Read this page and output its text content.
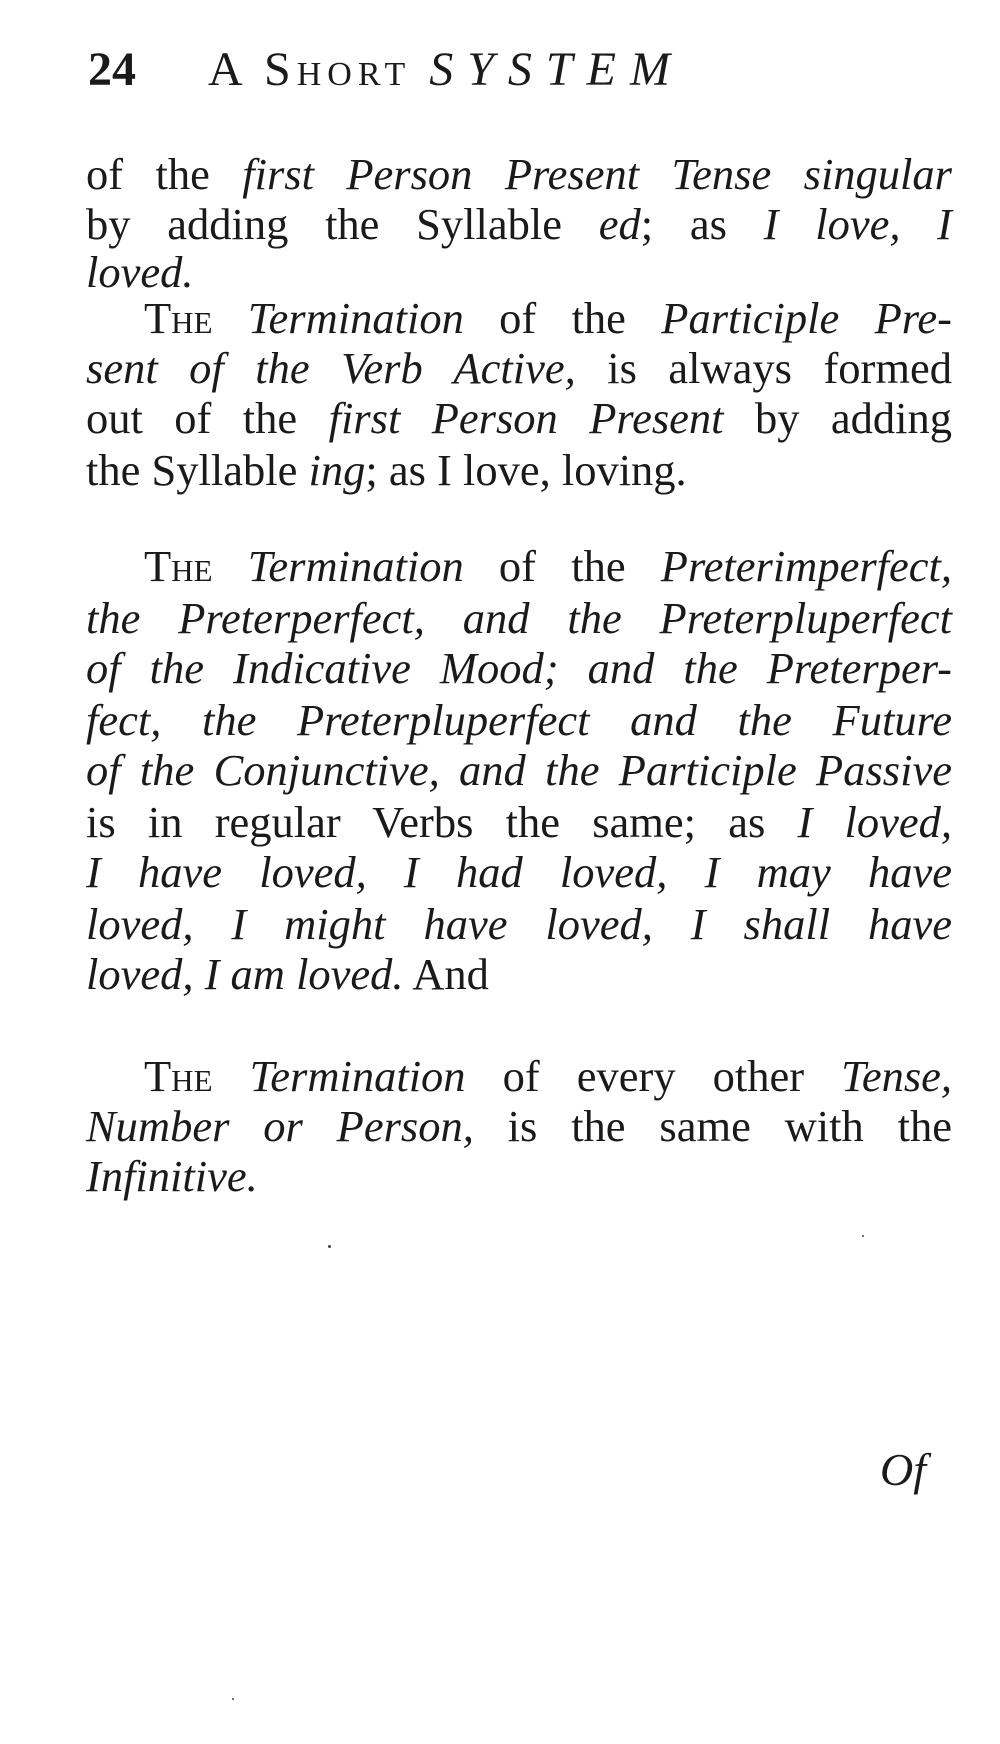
24 A Short SYSTEM
of the first Person Present Tense singular
by adding the Syllable ed; as I love, I
loved.
The Termination of the Participle Pre-
sent of the Verb Active, is always formed
out of the first Person Present by adding
the Syllable ing; as I love, loving.
The Termination of the Preterimperfect,
the Preterperfect, and the Preterpluperfect
of the Indicative Mood; and the Preterper-
fect, the Preterpluperfect and the Future
of the Conjunctive, and the Participle Passive
is in regular Verbs the same; as I loved,
I have loved, I had loved, I may have
loved, I might have loved, I shall have
loved, I am loved. And
The Termination of every other Tense,
Number or Person, is the same with the
Infinitive.
Of
